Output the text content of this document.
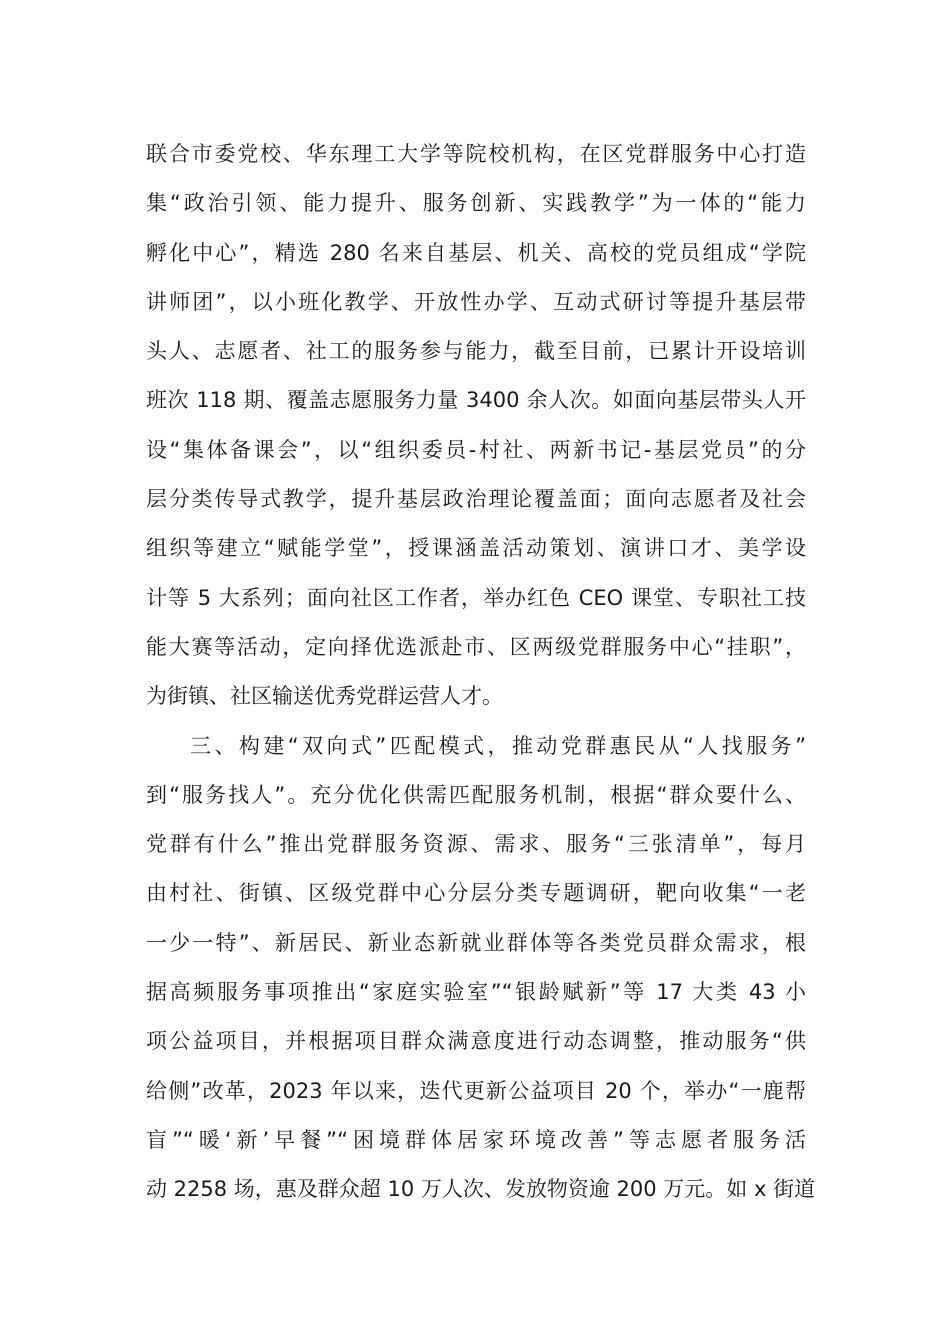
联合市委党校、华东理工大学等院校机构，在区党群服务中心打造
集“政治引领、能力提升、服务创新、实践教学”为一体的“能力
孵化中心”，精选 280 名来自基层、机关、高校的党员组成“学院
讲师团”，以小班化教学、开放性办学、互动式研讨等提升基层带
头人、志愿者、社工的服务参与能力，截至目前，已累计开设培训
班次 118 期、覆盖志愿服务力量 3400 余人次。如面向基层带头人开
设“集体备课会”，以“组织委员-村社、两新书记-基层党员”的分
层分类传导式教学，提升基层政治理论覆盖面；面向志愿者及社会
组织等建立“赋能学堂”，授课涵盖活动策划、演讲口才、美学设
计等 5 大系列；面向社区工作者，举办红色 CEO 课堂、专职社工技
能大赛等活动，定向择优选派赴市、区两级党群服务中心“挂职”，
为街镇、社区输送优秀党群运营人才。
三、构建“双向式”匹配模式，推动党群惠民从“人找服务”
到“服务找人”。充分优化供需匹配服务机制，根据“群众要什么、
党群有什么”推出党群服务资源、需求、服务“三张清单”，每月
由村社、街镇、区级党群中心分层分类专题调研，靶向收集“一老
一少一特”、新居民、新业态新就业群体等各类党员群众需求，根
据高频服务事项推出“家庭实验室”“银龄赋新”等 17 大类 43 小
项公益项目，并根据项目群众满意度进行动态调整，推动服务“供
给侧”改革，2023 年以来，迭代更新公益项目 20 个，举办“一鹿帮
盲”“暖‘新’早餐”“困境群体居家环境改善”等志愿者服务活
动 2258 场，惠及群众超 10 万人次、发放物资逾 200 万元。如 x 街道
